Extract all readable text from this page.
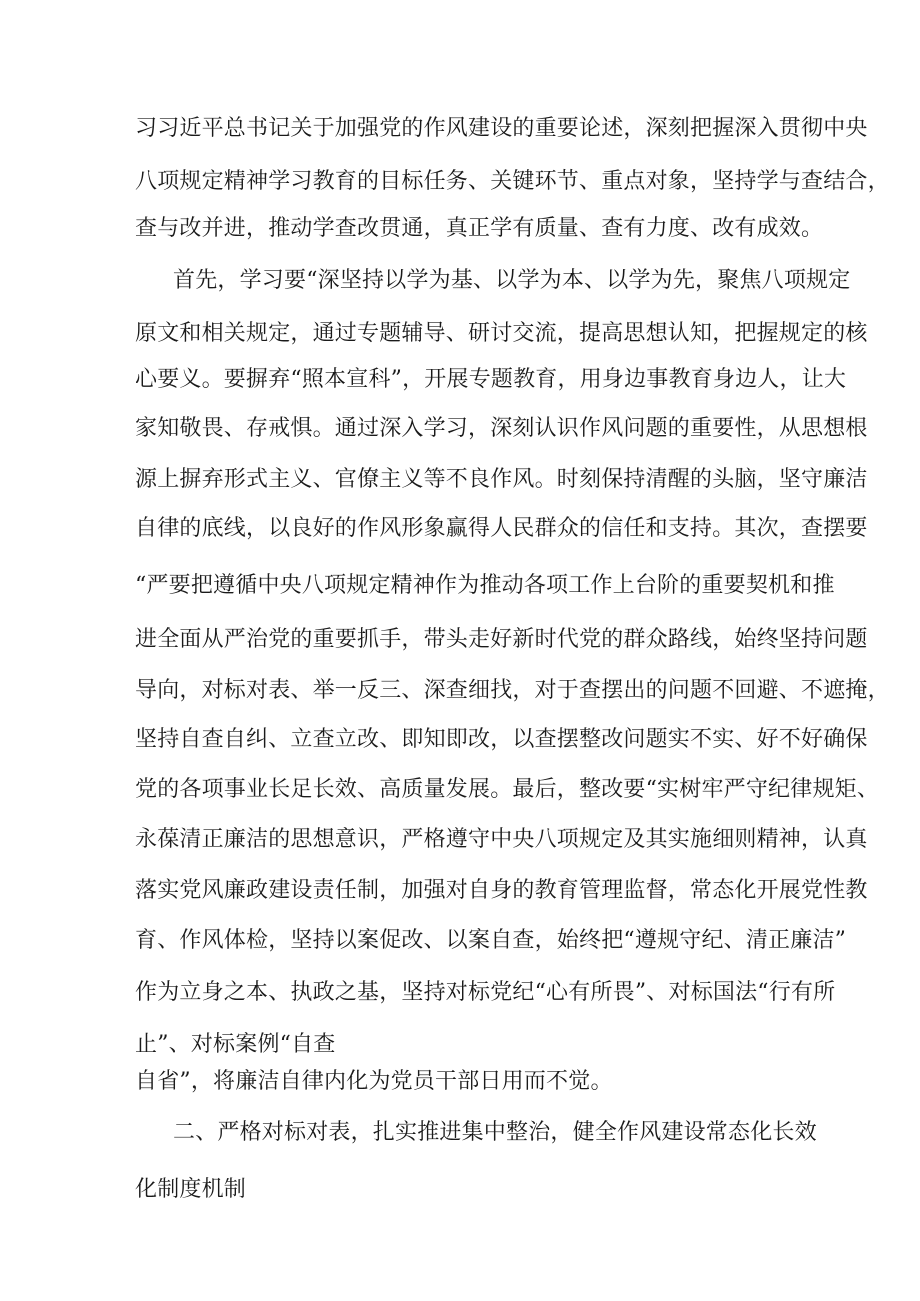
习习近平总书记关于加强党的作风建设的重要论述，深刻把握深入贯彻中央
八项规定精神学习教育的目标任务、关键环节、重点对象，坚持学与查结合，
查与改并进，推动学查改贯通，真正学有质量、查有力度、改有成效。
首先，学习要“深坚持以学为基、以学为本、以学为先，聚焦八项规定
原文和相关规定，通过专题辅导、研讨交流，提高思想认知，把握规定的核
心要义。要摒弃“照本宣科”，开展专题教育，用身边事教育身边人，让大
家知敬畏、存戒惧。通过深入学习，深刻认识作风问题的重要性，从思想根
源上摒弃形式主义、官僚主义等不良作风。时刻保持清醒的头脑，坚守廉洁
自律的底线，以良好的作风形象赢得人民群众的信任和支持。其次，查摆要
“严要把遵循中央八项规定精神作为推动各项工作上台阶的重要契机和推
进全面从严治党的重要抓手，带头走好新时代党的群众路线，始终坚持问题
导向，对标对表、举一反三、深查细找，对于查摆出的问题不回避、不遮掩，
坚持自查自纠、立查立改、即知即改，以查摆整改问题实不实、好不好确保
党的各项事业长足长效、高质量发展。最后，整改要“实树牢严守纪律规矩、
永葆清正廉洁的思想意识，严格遵守中央八项规定及其实施细则精神，认真
落实党风廉政建设责任制，加强对自身的教育管理监督，常态化开展党性教
育、作风体检，坚持以案促改、以案自查，始终把“遵规守纪、清正廉洁”
作为立身之本、执政之基，坚持对标党纪“心有所畏”、对标国法“行有所
止”、对标案例“自查
自省”，将廉洁自律内化为党员干部日用而不觉。
二、严格对标对表，扎实推进集中整治，健全作风建设常态化长效
化制度机制
